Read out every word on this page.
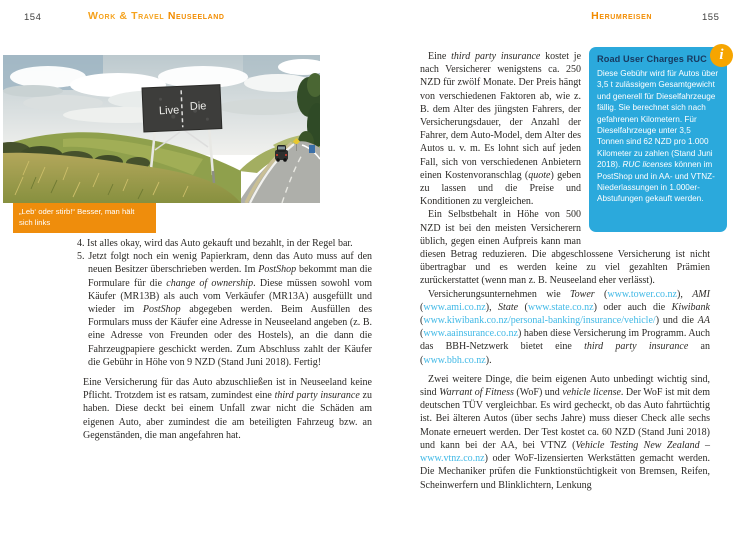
154	Work & Travel Neuseeland
Live Die
„Leb‘ oder stirb!“ Besser, man hält sich links

4. Ist alles okay, wird das Auto gekauft und bezahlt, in der Regel bar.

5. Jetzt folgt noch ein wenig Papierkram, denn das Auto muss auf den neuen Besitzer überschrieben werden. Im PostShop bekommt man die Formulare für die change of ownership. Diese müssen sowohl vom Käufer (MR13B) als auch vom Verkäufer (MR13A) ausgefüllt und wieder im PostShop abgegeben werden. Beim Ausfüllen des Formulars muss der Käufer eine Adresse in Neuseeland angeben (z. B. eine Adresse von Freunden oder des Hostels), an die dann die Fahrzeugpapiere geschickt werden. Zum Abschluss zahlt der Käufer die Gebühr in Höhe von 9 NZD (Stand Juni 2018). Fertig!

Eine Versicherung für das Auto abzuschließen ist in Neuseeland keine Pflicht. Trotzdem ist es ratsam, zumindest eine third party insurance zu haben. Diese deckt bei einem Unfall zwar nicht die Schäden am eigenen Auto, aber zumindest die am beteiligten Fahrzeug bzw. an Gegenständen, die man angefahren hat.

Herumreisen	155

Eine third party insurance kostet je nach Versicherer wenigstens ca. 250 NZD für zwölf Monate. Der Preis hängt von verschiedenen Faktoren ab, wie z. B. dem Alter des jüngsten Fahrers, der Versicherungsdauer, der Anzahl der Fahrer, dem Auto-Model, dem Alter des Autos u. v. m. Es lohnt sich auf jeden Fall, sich von verschiedenen Anbietern einen Kostenvoranschlag (quote) geben zu lassen und die Preise und Konditionen zu vergleichen.

Ein Selbstbehalt in Höhe von 500 NZD ist bei den meisten Versicherern üblich, gegen einen Aufpreis kann man diesen Betrag reduzieren. Die abgeschlossene Versicherung ist nicht übertragbar und es werden keine zu viel gezahlten Prämien zurückerstattet (wenn man z. B. Neuseeland eher verlässt).

Versicherungsunternehmen wie Tower (www.tower.co.nz), AMI (www.ami.co.nz), State (www.state.co.nz) oder auch die Kiwibank (www.kiwibank.co.nz/personal-banking/insurance/vehicle/) und die AA (www.aainsurance.co.nz) haben diese Versicherung im Programm. Auch das BBH-Netzwerk bietet eine third party insurance an (www.bbh.co.nz).

Zwei weitere Dinge, die beim eigenen Auto unbedingt wichtig sind, sind Warrant of Fitness (WoF) und vehicle license. Der WoF ist mit dem deutschen TÜV vergleichbar. Es wird gecheckt, ob das Auto fahrtüchtig ist. Bei älteren Autos (über sechs Jahre) muss dieser Check alle sechs Monate erneuert werden. Der Test kostet ca. 60 NZD (Stand Juni 2018) und kann bei der AA, bei VTNZ (Vehicle Testing New Zealand – www.vtnz.co.nz) oder WoF-lizensierten Werkstätten gemacht werden. Die Mechaniker prüfen die Funktionstüchtigkeit von Bremsen, Reifen, Scheinwerfern und Blinklichtern, Lenkung

Road User Charges RUC

Diese Gebühr wird für Autos über 3,5 t zulässigem Gesamtgewicht und generell für Dieselfahrzeuge fällig. Sie berechnet sich nach gefahrenen Kilometern. Für Dieselfahrzeuge unter 3,5 Tonnen sind 62 NZD pro 1.000 Kilometer zu zahlen (Stand Juni 2018). RUC licenses können im PostShop und in AA- und VTNZ-Niederlassungen in 1.000er-Abstufungen gekauft werden.
i
